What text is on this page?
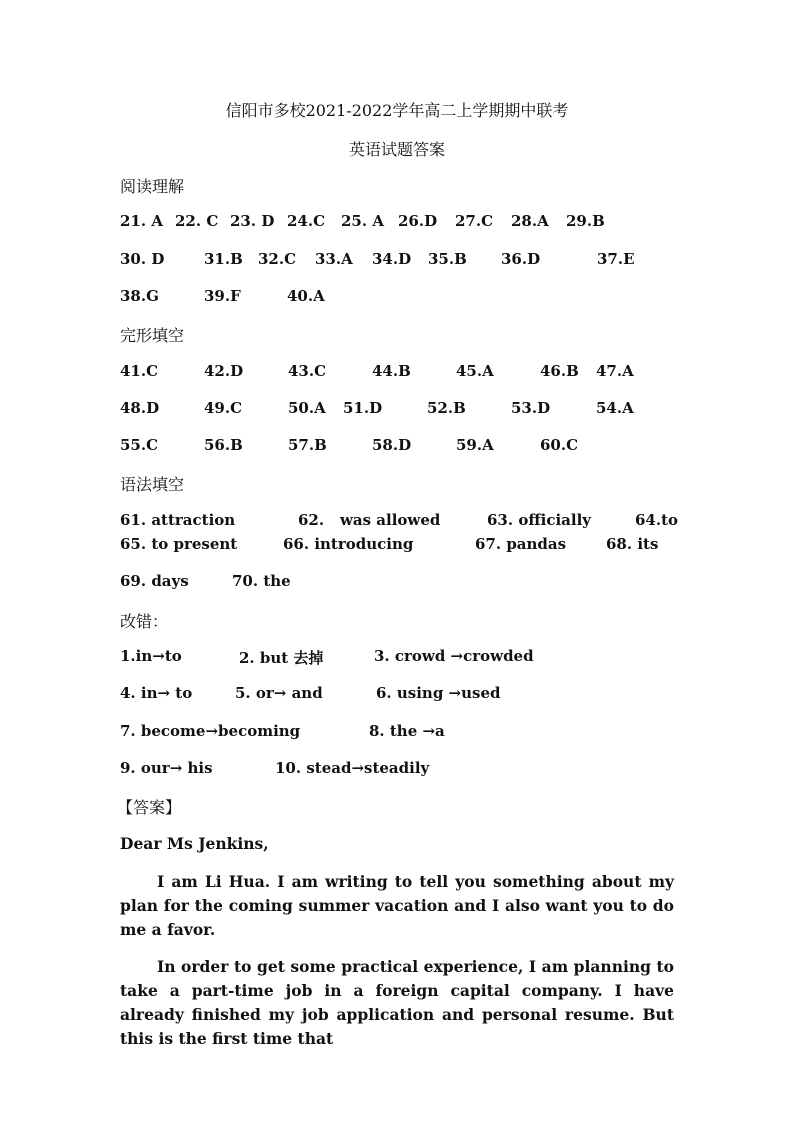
信阳市多校2021-2022学年高二上学期期中联考
英语试题答案
阅读理解
21. A 22. C 23. D 24.C 25. A 26.D 27.C 28.A 29.B
30. D	31.B 32.C 33.A 34.D 35.B 36.D	37.E
38.G	39.F	40.A
完形填空
41.C	42.D	43.C	44.B	45.A	46.B 47.A
48.D	49.C	50.A 51.D	52.B	53.D	54.A
55.C	56.B	57.B	58.D	59.A	60.C
语法填空
61. attraction	62. was allowed	63. officially	64.to
65. to present	66. introducing	67. pandas	68. its
69. days	70. the
改错：
1.in→to	2. but 去掉	3. crowd →crowded
4. in→ to	5. or→ and	6. using →used
7. become→becoming	8. the →a
9. our→ his	10. stead→steadily
【答案】
Dear Ms Jenkins,
I am Li Hua. I am writing to tell you something about my plan for the coming summer vacation and I also want you to do me a favor.
In order to get some practical experience, I am planning to take a part-time job in a foreign capital company. I have already finished my job application and personal resume. But this is the first time that
